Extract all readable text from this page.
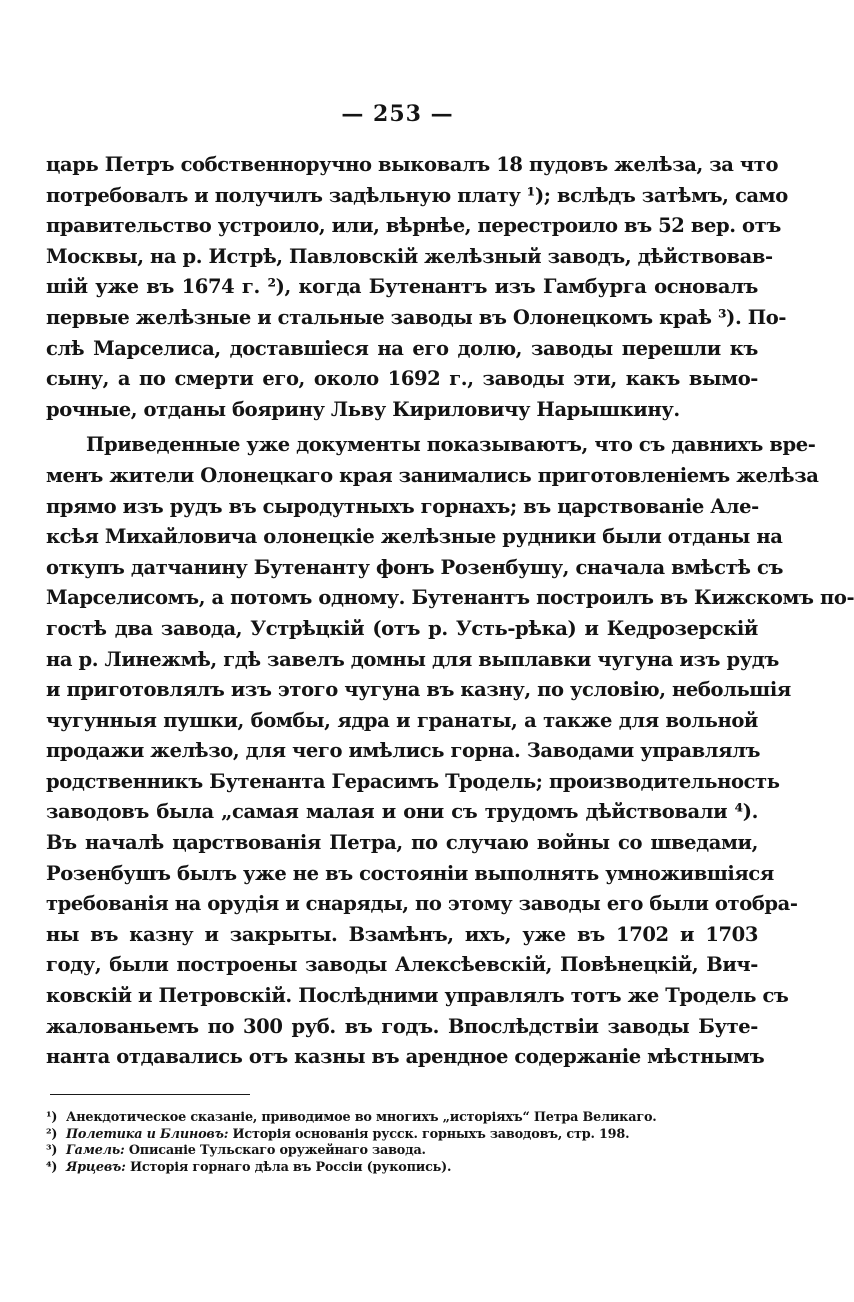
— 253 —
царь Петръ собственноручно выковалъ 18 пудовъ желѣза, за что
потребовалъ и получилъ задѣльную плату ¹); вслѣдъ затѣмъ, само
правительство устроило, или, вѣрнѣе, перестроило въ 52 вер. отъ
Москвы, на р. Истрѣ, Павловскій желѣзный заводъ, дѣйствовав-
шій уже въ 1674 г. ²), когда Бутенантъ изъ Гамбурга основалъ
первые желѣзные и стальные заводы въ Олонецкомъ краѣ ³). По-
слѣ Марселиса, доставшіеся на его долю, заводы перешли къ
сыну, а по смерти его, около 1692 г., заводы эти, какъ вымо-
рочные, отданы боярину Льву Кириловичу Нарышкину.
Приведенные уже документы показываютъ, что съ давнихъ вре-
менъ жители Олонецкаго края занимались приготовленіемъ желѣза
прямо изъ рудъ въ сыродутныхъ горнахъ; въ царствованіе Але-
ксѣя Михайловича олонецкіе желѣзные рудники были отданы на
откупъ датчанину Бутенанту фонъ Розенбушу, сначала вмѣстѣ съ
Марселисомъ, а потомъ одному. Бутенантъ построилъ въ Кижскомъ по-
гостѣ два завода, Устрѣцкій (отъ р. Усть-рѣка) и Кедрозерскій
на р. Линежмѣ, гдѣ завелъ домны для выплавки чугуна изъ рудъ
и приготовлялъ изъ этого чугуна въ казну, по условію, небольшія
чугунныя пушки, бомбы, ядра и гранаты, а также для вольной
продажи желѣзо, для чего имѣлись горна. Заводами управлялъ
родственникъ Бутенанта Герасимъ Тродель; производительность
заводовъ была „самая малая и они съ трудомъ дѣйствовали ⁴).
Въ началѣ царствованія Петра, по случаю войны со шведами,
Розенбушъ былъ уже не въ состояніи выполнять умножившіяся
требованія на орудія и снаряды, по этому заводы его были отобра-
ны въ казну и закрыты. Взамѣнъ, ихъ, уже въ 1702 и 1703
году, были построены заводы Алексѣевскій, Повѣнецкій, Вич-
ковскій и Петровскій. Послѣдними управлялъ тотъ же Тродель съ
жалованьемъ по 300 руб. въ годъ. Впослѣдствіи заводы Буте-
нанта отдавались отъ казны въ арендное содержаніе мѣстнымъ
¹) Анекдотическое сказаніе, приводимое во многихъ „исторіяхъ“ Петра Великаго.
²) Полетика и Блиновъ: Исторія основанія русск. горныхъ заводовъ, стр. 198.
³) Гамель: Описаніе Тульскаго оружейнаго завода.
⁴) Ярцевъ: Исторія горнаго дѣла въ Россіи (рукопись).
